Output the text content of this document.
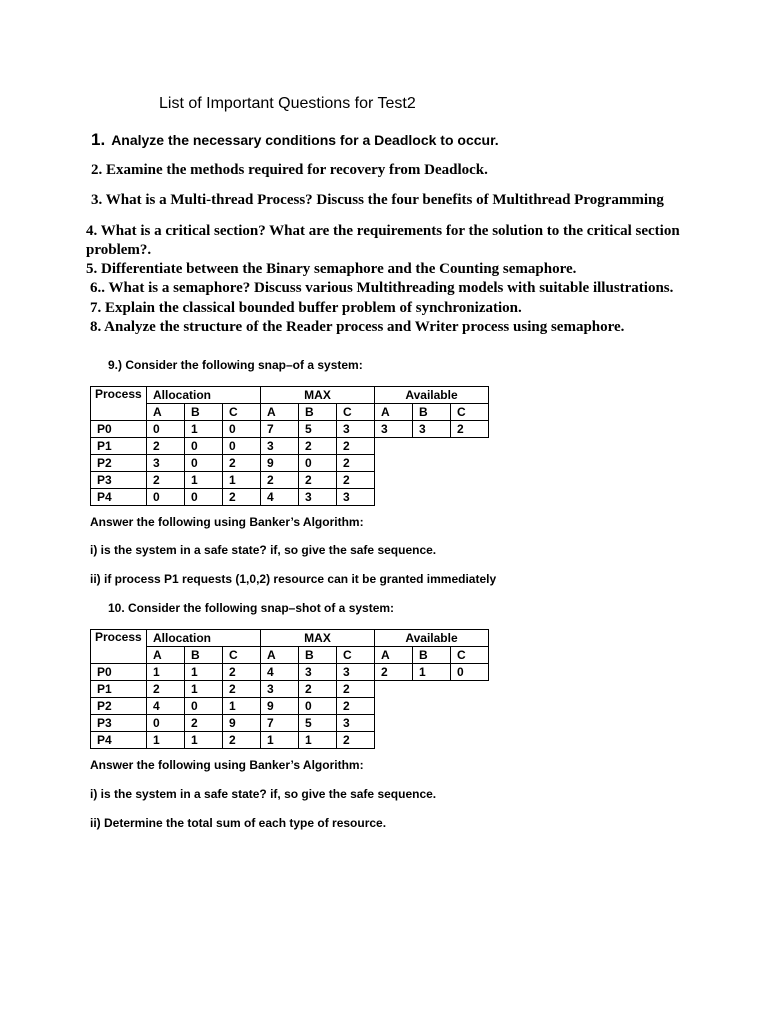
List of Important Questions for Test2
1. Analyze the necessary conditions for a Deadlock to occur.
2. Examine the methods required for recovery from Deadlock.
3. What is a Multi-thread Process? Discuss the four benefits of Multithread Programming
4. What is a critical section? What are the requirements for the solution to the critical section problem?.
5. Differentiate between the Binary semaphore and the Counting semaphore.
6.. What is a semaphore? Discuss various Multithreading models with suitable illustrations.
7. Explain the classical bounded buffer problem of synchronization.
8. Analyze the structure of the Reader process and Writer process using semaphore.
9.) Consider the following snap–of a system:
Process	Allocation			MAX			Available		
	A	B	C	A	B	C	A	B	C
P0	0	1	0	7	5	3	3	3	2
P1	2	0	0	3	2	2			
P2	3	0	2	9	0	2			
P3	2	1	1	2	2	2			
P4	0	0	2	4	3	3			
Answer the following using Banker’s Algorithm:
i) is the system in a safe state? if, so give the safe sequence.
ii) if process P1 requests (1,0,2) resource can it be granted immediately
10. Consider the following snap–shot of a system:
Process	Allocation			MAX			Available		
	A	B	C	A	B	C	A	B	C
P0	1	1	2	4	3	3	2	1	0
P1	2	1	2	3	2	2			
P2	4	0	1	9	0	2			
P3	0	2	9	7	5	3			
P4	1	1	2	1	1	2			
Answer the following using Banker’s Algorithm:
i) is the system in a safe state? if, so give the safe sequence.
ii) Determine the total sum of each type of resource.
